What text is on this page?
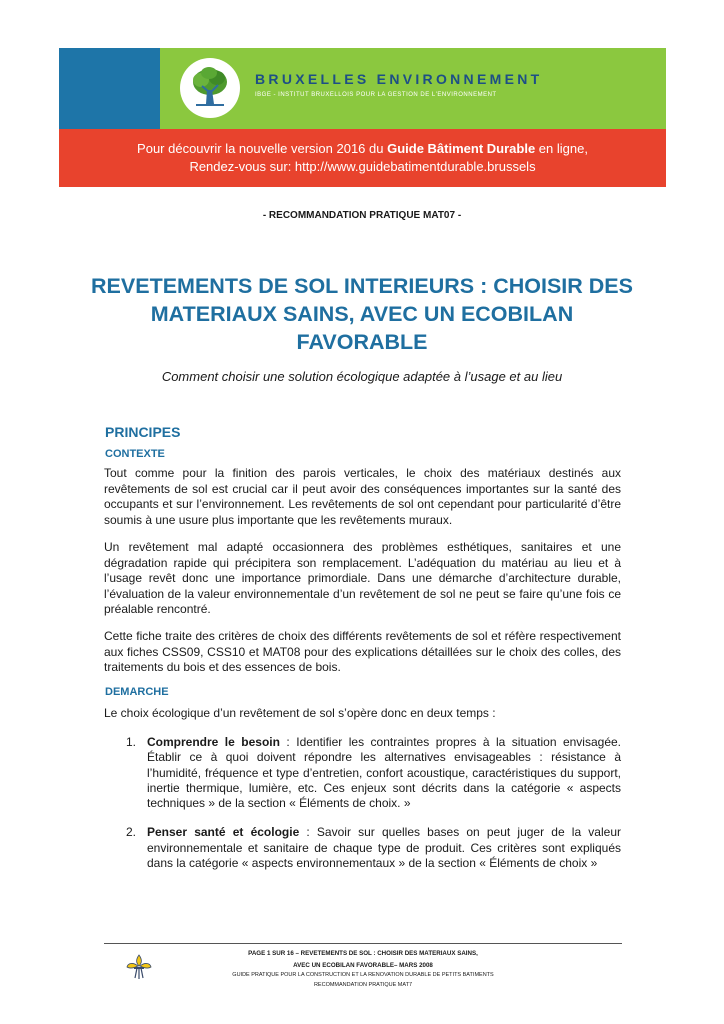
BRUXELLES ENVIRONNEMENT
IBGE - INSTITUT BRUXELLOIS POUR LA GESTION DE L'ENVIRONNEMENT
Pour découvrir la nouvelle version 2016 du Guide Bâtiment Durable en ligne,
Rendez-vous sur: http://www.guidebatimentdurable.brussels
- RECOMMANDATION PRATIQUE MAT07 -
REVETEMENTS DE SOL INTERIEURS : CHOISIR DES MATERIAUX SAINS, AVEC UN ECOBILAN FAVORABLE
Comment choisir une solution écologique adaptée à l’usage et au lieu
PRINCIPES
CONTEXTE

Tout comme pour la finition des parois verticales, le choix des matériaux destinés aux revêtements de sol est crucial car il peut avoir des conséquences importantes sur la santé des occupants et sur l’environnement. Les revêtements de sol ont cependant pour particularité d’être soumis à une usure plus importante que les revêtements muraux.

Un revêtement mal adapté occasionnera des problèmes esthétiques, sanitaires et une dégradation rapide qui précipitera son remplacement. L’adéquation du matériau au lieu et à l’usage revêt donc une importance primordiale. Dans une démarche d’architecture durable, l’évaluation de la valeur environnementale d’un revêtement de sol ne peut se faire qu’une fois ce préalable rencontré.

Cette fiche traite des critères de choix des différents revêtements de sol et réfère respectivement aux fiches CSS09, CSS10 et MAT08 pour des explications détaillées sur le choix des colles, des traitements du bois et des essences de bois.

DEMARCHE

Le choix écologique d’un revêtement de sol s’opère donc en deux temps :

1. Comprendre le besoin : Identifier les contraintes propres à la situation envisagée. Établir ce à quoi doivent répondre les alternatives envisageables : résistance à l’humidité, fréquence et type d’entretien, confort acoustique, caractéristiques du support, inertie thermique, lumière, etc. Ces enjeux sont décrits dans la catégorie « aspects techniques » de la section « Éléments de choix. »
2. Penser santé et écologie : Savoir sur quelles bases on peut juger de la valeur environnementale et sanitaire de chaque type de produit. Ces critères sont expliqués dans la catégorie « aspects environnementaux » de la section « Éléments de choix »
PAGE 1 SUR 16 – REVETEMENTS DE SOL : CHOISIR DES MATERIAUX SAINS,
AVEC UN ECOBILAN FAVORABLE– MARS 2008
GUIDE PRATIQUE POUR LA CONSTRUCTION ET LA RENOVATION DURABLE DE PETITS BATIMENTS
RECOMMANDATION PRATIQUE MAT7
